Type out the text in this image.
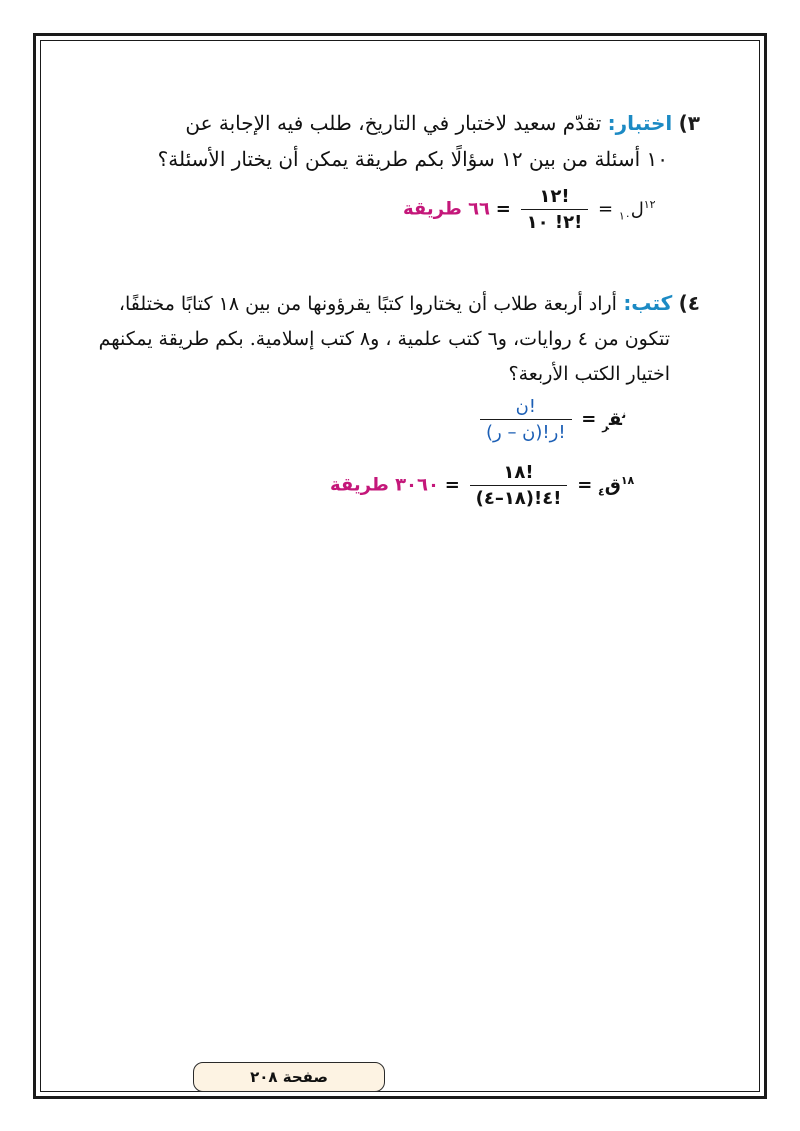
٣) اختبار: تقدّم سعيد لاختبار في التاريخ، طلب فيه الإجابة عن
١٠ أسئلة من بين ١٢ سؤالًا بكم طريقة يمكن أن يختار الأسئلة؟
٦٦ طريقة = $\frac{١٢!}{٢! ١٠!}$ =	$^{١٢}$ل$_{١٠}$
٤) كتب: أراد أربعة طلاب أن يختاروا كتبًا يقرؤونها من بين ١٨ كتابًا مختلفًا،
تتكون من ٤ روايات، و٦ كتب علمية ، و٨ كتب إسلامية. بكم طريقة يمكنهم
اختيار الكتب الأربعة؟
$\frac{\text{ن!}}{\text{(ن – ر)!ر!}}$ = $^ن$ق$_ر$
٣٠٦٠ طريقة = $\frac{١٨!}{(١٨-٤)!٤!}$ =	$^{١٨}$ق$_٤$
صفحة ٢٠٨
